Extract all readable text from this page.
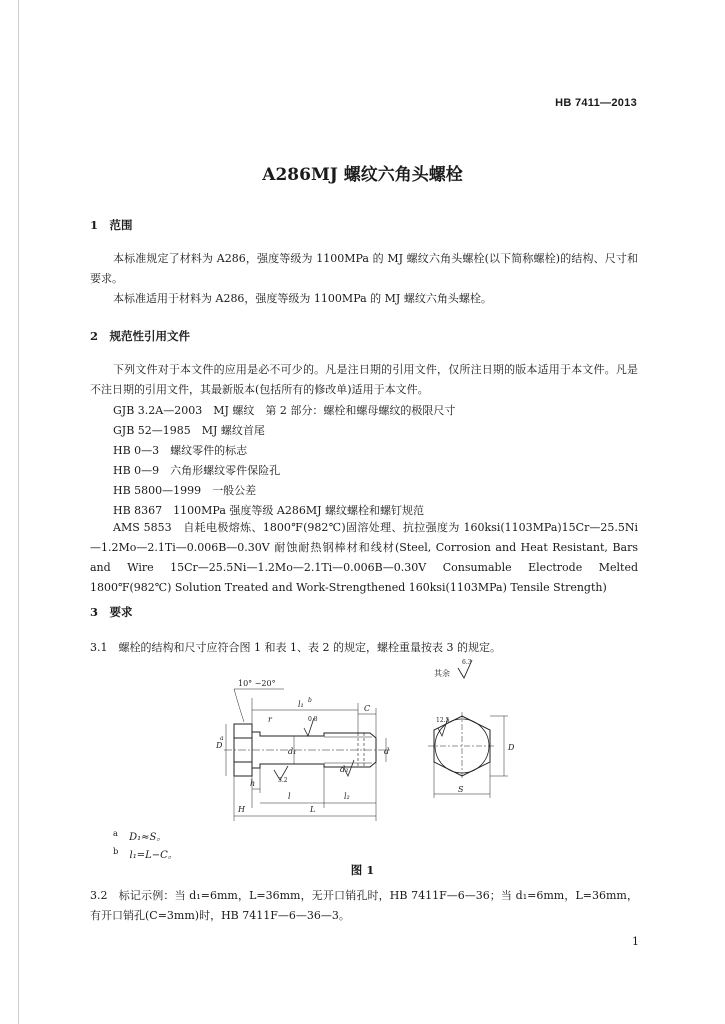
HB 7411—2013
A286MJ 螺纹六角头螺栓
1　范围
本标准规定了材料为 A286，强度等级为 1100MPa 的 MJ 螺纹六角头螺栓(以下简称螺栓)的结构、尺寸和要求。
本标准适用于材料为 A286，强度等级为 1100MPa 的 MJ 螺纹六角头螺栓。
2　规范性引用文件
下列文件对于本文件的应用是必不可少的。凡是注日期的引用文件，仅所注日期的版本适用于本文件。凡是不注日期的引用文件，其最新版本(包括所有的修改单)适用于本文件。
GJB 3.2A—2003　MJ 螺纹　第 2 部分：螺栓和螺母螺纹的极限尺寸
GJB 52—1985　MJ 螺纹首尾
HB 0—3　螺纹零件的标志
HB 0—9　六角形螺纹零件保险孔
HB 5800—1999　一般公差
HB 8367　1100MPa 强度等级 A286MJ 螺纹螺栓和螺钉规范
AMS 5853　自耗电极熔炼、1800℉(982℃)固溶处理、抗拉强度为 160ksi(1103MPa)15Cr—25.5Ni—1.2Mo—2.1Ti—0.006B—0.30V 耐蚀耐热钢棒材和线材(Steel, Corrosion and Heat Resistant, Bars and Wire 15Cr—25.5Ni—1.2Mo—2.1Ti—0.006B—0.30V Consumable Electrode Melted 1800℉(982℃) Solution Treated and Work-Strengthened 160ksi(1103MPa) Tensile Strength)
3　要求
3.1　螺栓的结构和尺寸应符合图 1 和表 1、表 2 的规定，螺栓重量按表 3 的规定。
10° ~20°
l₁ b
C
r	0.8
D
a
d₁	d
d₂
h	3.2
l	l₂
H	L
12.5
D
S
其余
6.3
$^a$ D₁≈S。
$^b$ l₁=L−C。
图 1
3.2　标记示例：当 d₁=6mm，L=36mm，无开口销孔时，HB 7411F—6—36；当 d₁=6mm，L=36mm，有开口销孔(C=3mm)时，HB 7411F—6—36—3。
1
